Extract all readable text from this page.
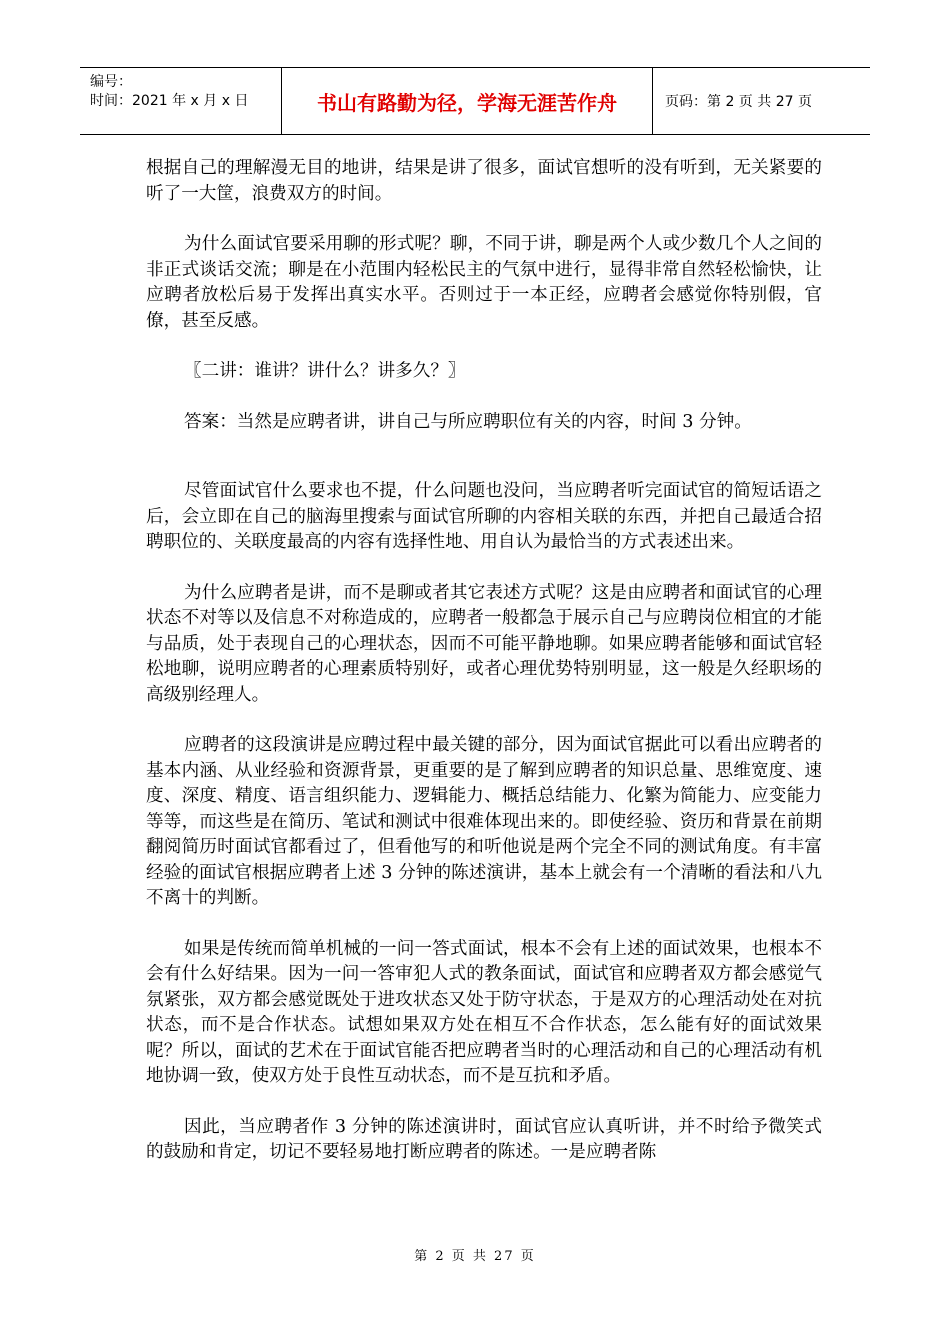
编号：
时间：2021 年 x 月 x 日	书山有路勤为径，学海无涯苦作舟	页码：第 2 页 共 27 页

根据自己的理解漫无目的地讲，结果是讲了很多，面试官想听的没有听到，无关紧要的听了一大筐，浪费双方的时间。

为什么面试官要采用聊的形式呢？聊，不同于讲，聊是两个人或少数几个人之间的非正式谈话交流；聊是在小范围内轻松民主的气氛中进行，显得非常自然轻松愉快，让应聘者放松后易于发挥出真实水平。否则过于一本正经，应聘者会感觉你特别假，官僚，甚至反感。

〖二讲：谁讲？讲什么？讲多久？〗

答案：当然是应聘者讲，讲自己与所应聘职位有关的内容，时间 3 分钟。

尽管面试官什么要求也不提，什么问题也没问，当应聘者听完面试官的简短话语之后，会立即在自己的脑海里搜索与面试官所聊的内容相关联的东西，并把自己最适合招聘职位的、关联度最高的内容有选择性地、用自认为最恰当的方式表述出来。

为什么应聘者是讲，而不是聊或者其它表述方式呢？这是由应聘者和面试官的心理状态不对等以及信息不对称造成的，应聘者一般都急于展示自己与应聘岗位相宜的才能与品质，处于表现自己的心理状态，因而不可能平静地聊。如果应聘者能够和面试官轻松地聊，说明应聘者的心理素质特别好，或者心理优势特别明显，这一般是久经职场的高级别经理人。

应聘者的这段演讲是应聘过程中最关键的部分，因为面试官据此可以看出应聘者的基本内涵、从业经验和资源背景，更重要的是了解到应聘者的知识总量、思维宽度、速度、深度、精度、语言组织能力、逻辑能力、概括总结能力、化繁为简能力、应变能力等等，而这些是在简历、笔试和测试中很难体现出来的。即使经验、资历和背景在前期翻阅简历时面试官都看过了，但看他写的和听他说是两个完全不同的测试角度。有丰富经验的面试官根据应聘者上述 3 分钟的陈述演讲，基本上就会有一个清晰的看法和八九不离十的判断。

如果是传统而简单机械的一问一答式面试，根本不会有上述的面试效果，也根本不会有什么好结果。因为一问一答审犯人式的教条面试，面试官和应聘者双方都会感觉气氛紧张，双方都会感觉既处于进攻状态又处于防守状态，于是双方的心理活动处在对抗状态，而不是合作状态。试想如果双方处在相互不合作状态，怎么能有好的面试效果呢？所以，面试的艺术在于面试官能否把应聘者当时的心理活动和自己的心理活动有机地协调一致，使双方处于良性互动状态，而不是互抗和矛盾。

因此，当应聘者作 3 分钟的陈述演讲时，面试官应认真听讲，并不时给予微笑式的鼓励和肯定，切记不要轻易地打断应聘者的陈述。一是应聘者陈

第 2 页 共 27 页
